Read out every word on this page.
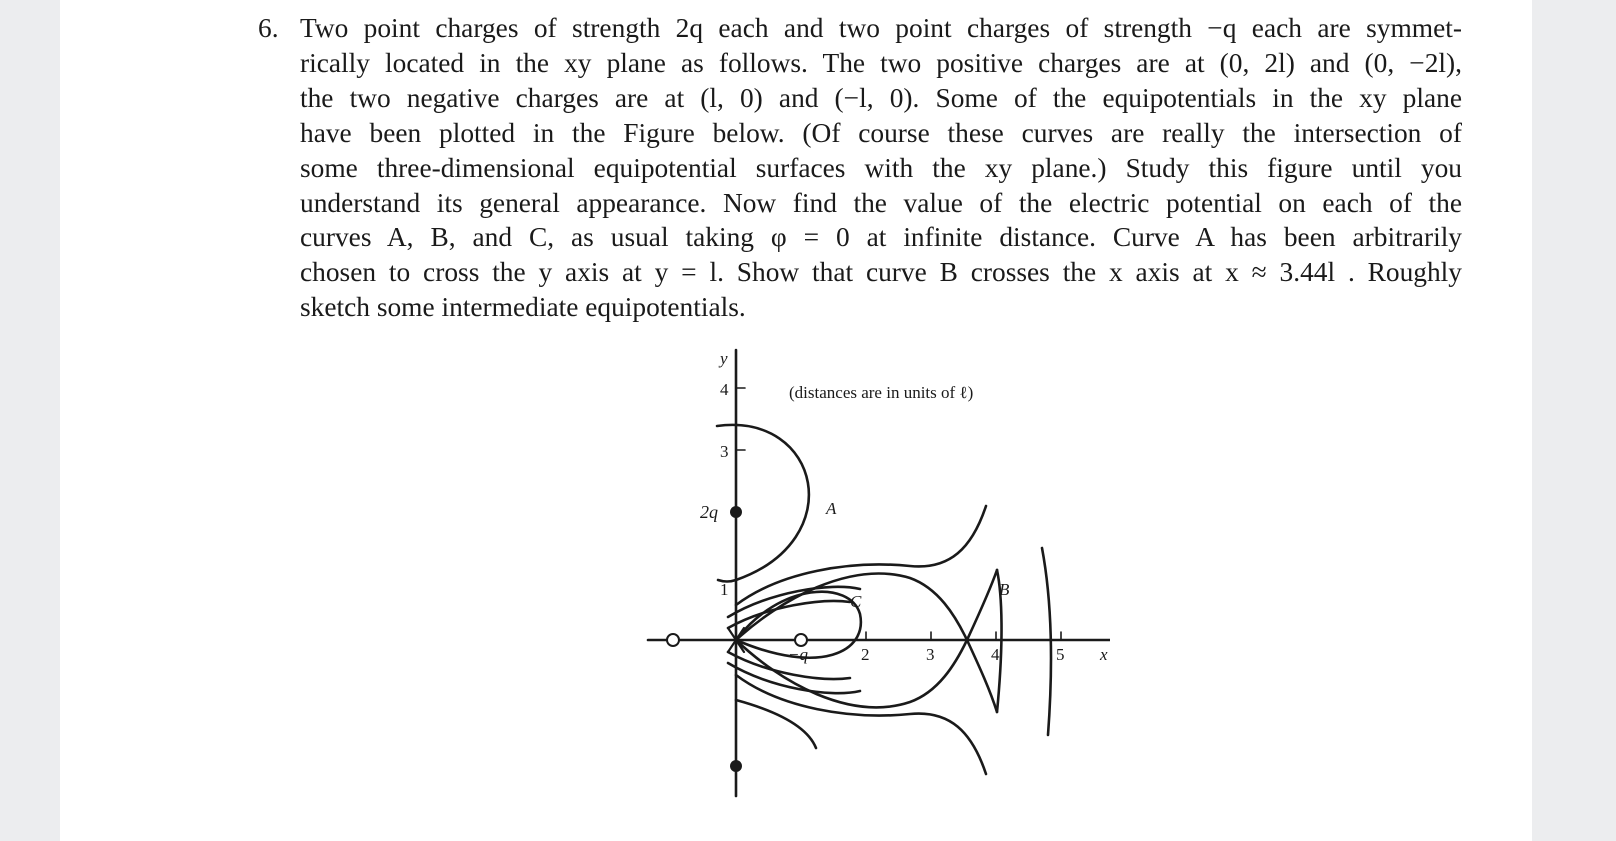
6. Two point charges of strength 2q each and two point charges of strength −q each are symmet-
rically located in the xy plane as follows. The two positive charges are at (0, 2l) and (0, −2l),
the two negative charges are at (l, 0) and (−l, 0). Some of the equipotentials in the xy plane
have been plotted in the Figure below. (Of course these curves are really the intersection of
some three-dimensional equipotential surfaces with the xy plane.) Study this figure until you
understand its general appearance. Now find the value of the electric potential on each of the
curves A, B, and C, as usual taking φ = 0 at infinite distance. Curve A has been arbitrarily
chosen to cross the y axis at y = l. Show that curve B crosses the x axis at x ≈ 3.44l . Roughly
sketch some intermediate equipotentials.
y
4
3
1
2q
−q
(distances are in units of ℓ)
2	3	4	5 x
A
B
C
